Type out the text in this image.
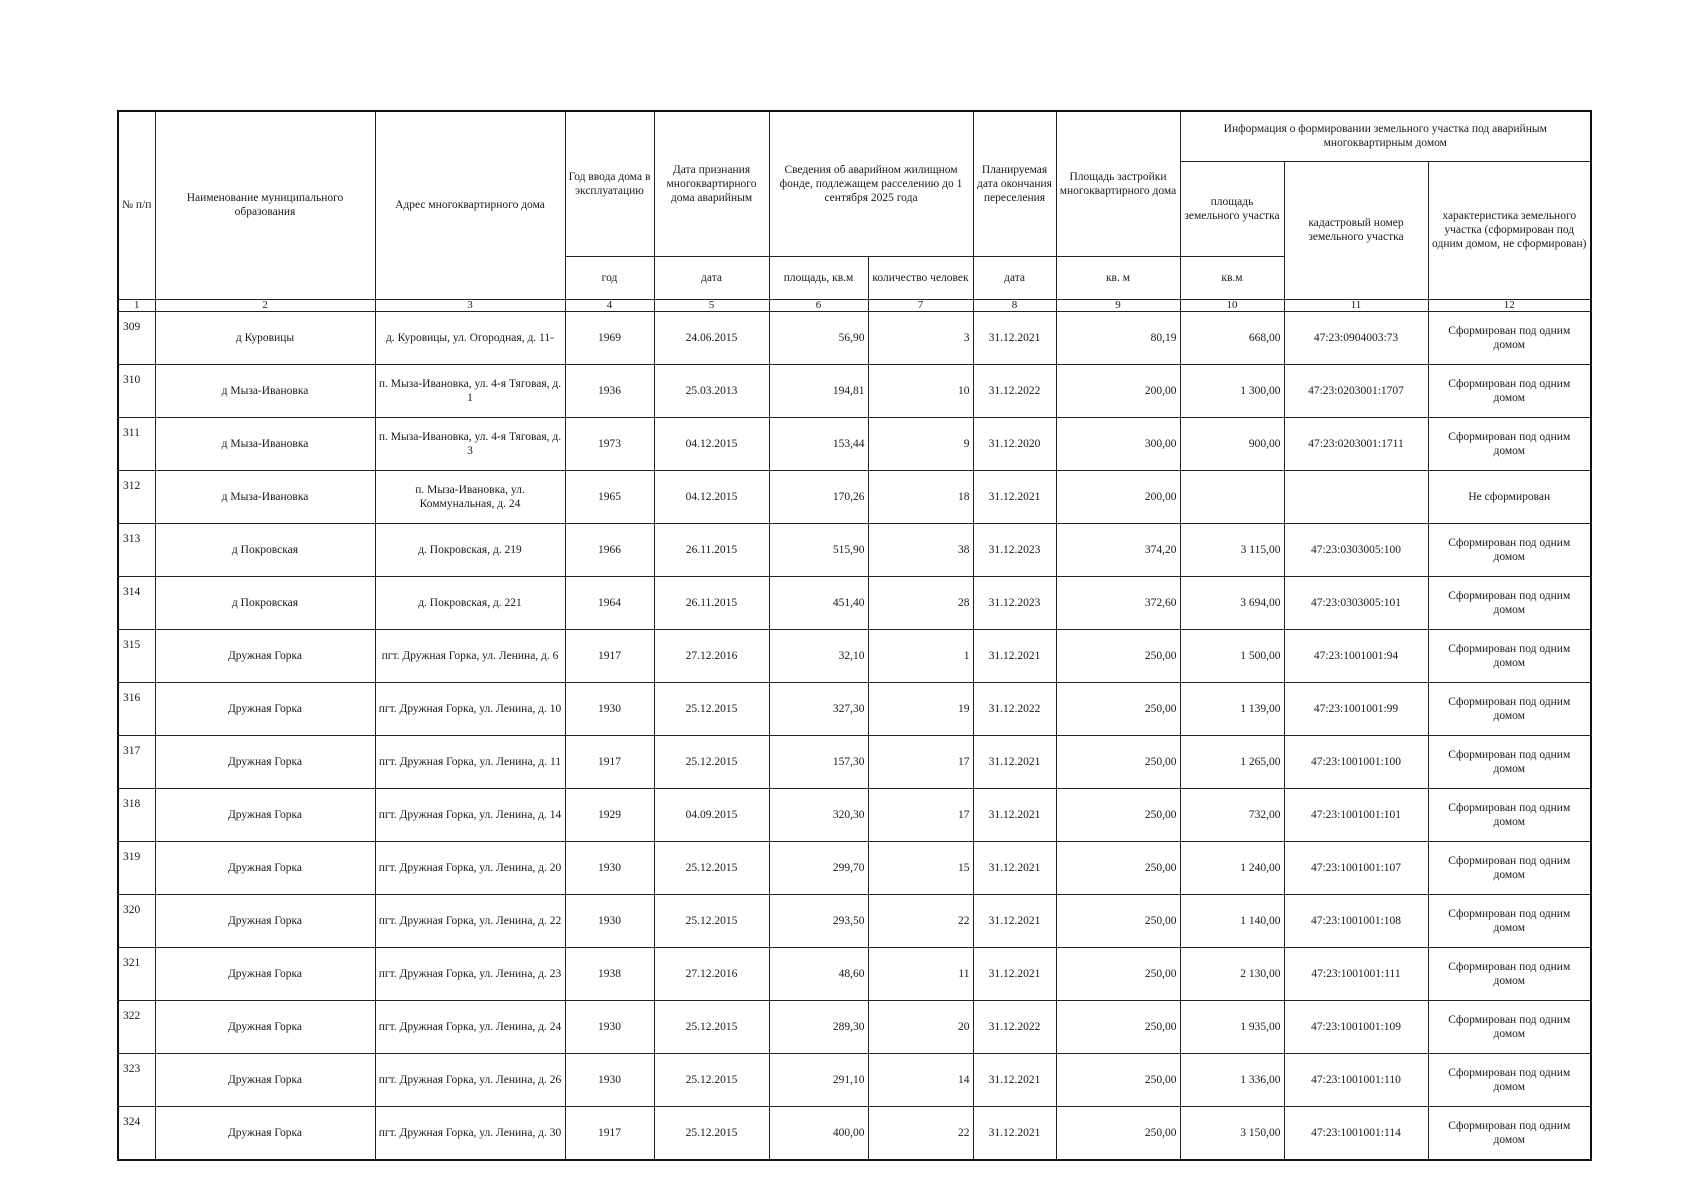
№ п/п	Наименование муниципального образования	Адрес многоквартирного дома	Год ввода дома в эксплуатацию	Дата признания многоквартирного дома аварийным	Сведения об аварийном жилищном фонде, подлежащем расселению до 1 сентября 2025 года		Планируемая дата окончания переселения	Площадь застройки многоквартирного дома	Информация о формировании земельного участка под аварийным многоквартирным домом		
									площадь земельного участка	кадастровый номер земельного участка	характеристика земельного участка (сформирован под одним домом, не сформирован)
			год	дата	площадь, кв.м	количество человек	дата	кв. м	кв.м		
1	2	3	4	5	6	7	8	9	10	11	12
309	д Куровицы	д. Куровицы, ул. Огородная, д. 11-	1969	24.06.2015	56,90	3	31.12.2021	80,19	668,00	47:23:0904003:73	Сформирован под одним домом
310	д Мыза-Ивановка	п. Мыза-Ивановка, ул. 4-я Тяговая, д. 1	1936	25.03.2013	194,81	10	31.12.2022	200,00	1 300,00	47:23:0203001:1707	Сформирован под одним домом
311	д Мыза-Ивановка	п. Мыза-Ивановка, ул. 4-я Тяговая, д. 3	1973	04.12.2015	153,44	9	31.12.2020	300,00	900,00	47:23:0203001:1711	Сформирован под одним домом
312	д Мыза-Ивановка	п. Мыза-Ивановка, ул. Коммунальная, д. 24	1965	04.12.2015	170,26	18	31.12.2021	200,00			Не сформирован
313	д Покровская	д. Покровская, д. 219	1966	26.11.2015	515,90	38	31.12.2023	374,20	3 115,00	47:23:0303005:100	Сформирован под одним домом
314	д Покровская	д. Покровская, д. 221	1964	26.11.2015	451,40	28	31.12.2023	372,60	3 694,00	47:23:0303005:101	Сформирован под одним домом
315	Дружная Горка	пгт. Дружная Горка, ул. Ленина, д. 6	1917	27.12.2016	32,10	1	31.12.2021	250,00	1 500,00	47:23:1001001:94	Сформирован под одним домом
316	Дружная Горка	пгт. Дружная Горка, ул. Ленина, д. 10	1930	25.12.2015	327,30	19	31.12.2022	250,00	1 139,00	47:23:1001001:99	Сформирован под одним домом
317	Дружная Горка	пгт. Дружная Горка, ул. Ленина, д. 11	1917	25.12.2015	157,30	17	31.12.2021	250,00	1 265,00	47:23:1001001:100	Сформирован под одним домом
318	Дружная Горка	пгт. Дружная Горка, ул. Ленина, д. 14	1929	04.09.2015	320,30	17	31.12.2021	250,00	732,00	47:23:1001001:101	Сформирован под одним домом
319	Дружная Горка	пгт. Дружная Горка, ул. Ленина, д. 20	1930	25.12.2015	299,70	15	31.12.2021	250,00	1 240,00	47:23:1001001:107	Сформирован под одним домом
320	Дружная Горка	пгт. Дружная Горка, ул. Ленина, д. 22	1930	25.12.2015	293,50	22	31.12.2021	250,00	1 140,00	47:23:1001001:108	Сформирован под одним домом
321	Дружная Горка	пгт. Дружная Горка, ул. Ленина, д. 23	1938	27.12.2016	48,60	11	31.12.2021	250,00	2 130,00	47:23:1001001:111	Сформирован под одним домом
322	Дружная Горка	пгт. Дружная Горка, ул. Ленина, д. 24	1930	25.12.2015	289,30	20	31.12.2022	250,00	1 935,00	47:23:1001001:109	Сформирован под одним домом
323	Дружная Горка	пгт. Дружная Горка, ул. Ленина, д. 26	1930	25.12.2015	291,10	14	31.12.2021	250,00	1 336,00	47:23:1001001:110	Сформирован под одним домом
324	Дружная Горка	пгт. Дружная Горка, ул. Ленина, д. 30	1917	25.12.2015	400,00	22	31.12.2021	250,00	3 150,00	47:23:1001001:114	Сформирован под одним домом
